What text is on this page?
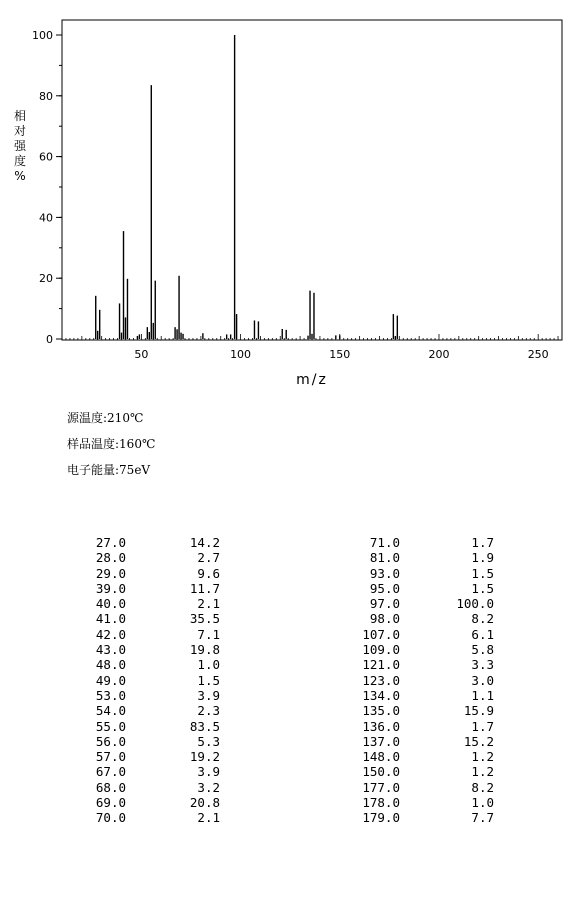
0
20
40
60
80
100
50	100	150	200	250
m/z
相对强度%
源温度:210℃
样品温度:160℃
电子能量:75eV
27.0	14.2
28.0	2.7
29.0	9.6
39.0	11.7
40.0	2.1
41.0	35.5
42.0	7.1
43.0	19.8
48.0	1.0
49.0	1.5
53.0	3.9
54.0	2.3
55.0	83.5
56.0	5.3
57.0	19.2
67.0	3.9
68.0	3.2
69.0	20.8
70.0	2.1
71.0	1.7
81.0	1.9
93.0	1.5
95.0	1.5
97.0	100.0
98.0	8.2
107.0	6.1
109.0	5.8
121.0	3.3
123.0	3.0
134.0	1.1
135.0	15.9
136.0	1.7
137.0	15.2
148.0	1.2
150.0	1.2
177.0	8.2
178.0	1.0
179.0	7.7
